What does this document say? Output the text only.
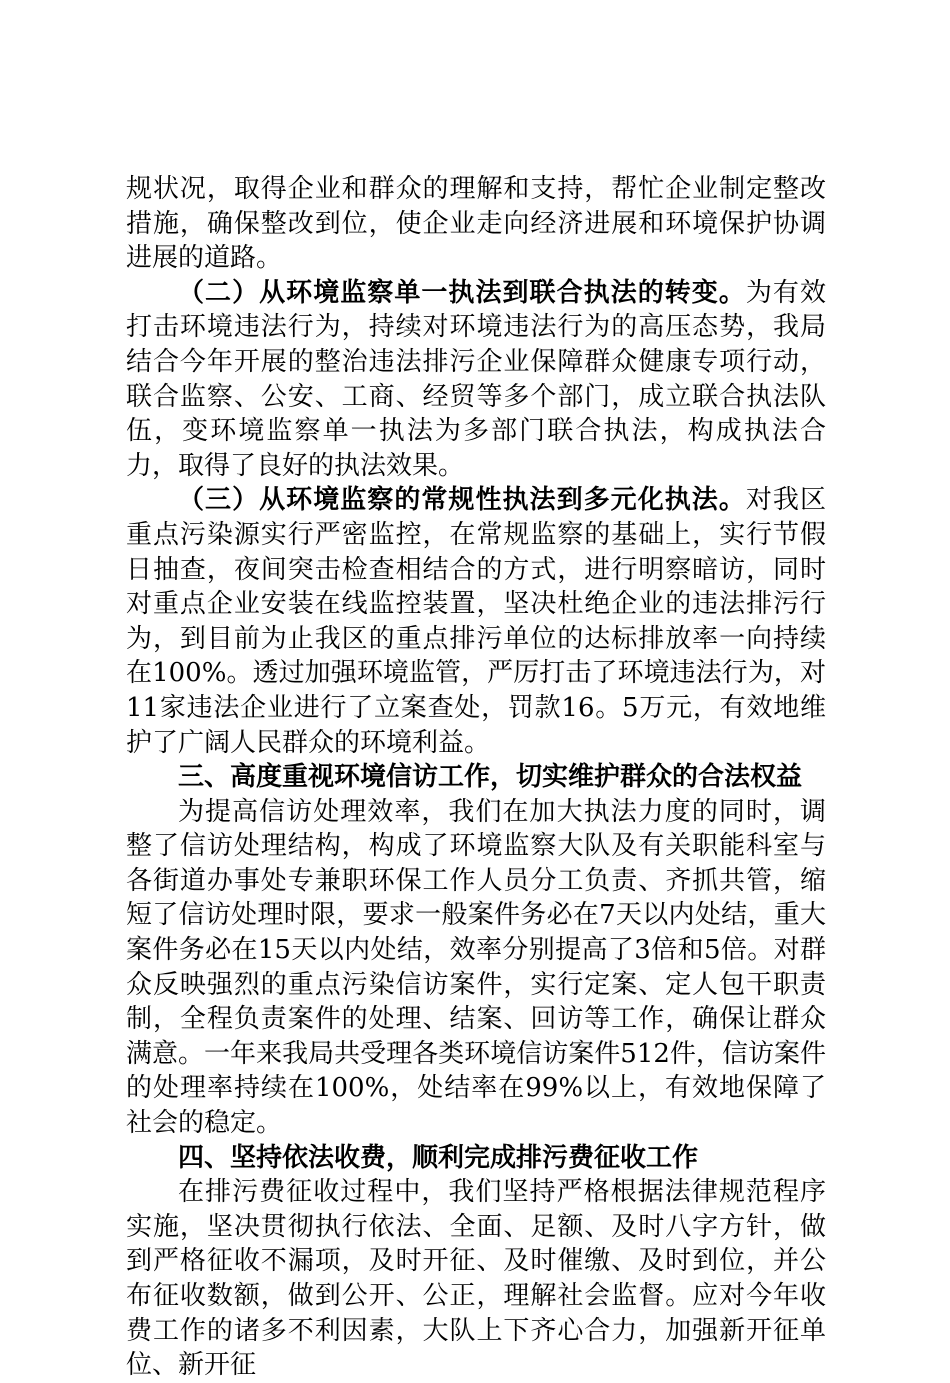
规状况，取得企业和群众的理解和支持，帮忙企业制定整改措施，确保整改到位，使企业走向经济进展和环境保护协调进展的道路。

（二）从环境监察单一执法到联合执法的转变。为有效打击环境违法行为，持续对环境违法行为的高压态势，我局结合今年开展的整治违法排污企业保障群众健康专项行动，联合监察、公安、工商、经贸等多个部门，成立联合执法队伍，变环境监察单一执法为多部门联合执法，构成执法合力，取得了良好的执法效果。

（三）从环境监察的常规性执法到多元化执法。对我区重点污染源实行严密监控，在常规监察的基础上，实行节假日抽查，夜间突击检查相结合的方式，进行明察暗访，同时对重点企业安装在线监控装置，坚决杜绝企业的违法排污行为，到目前为止我区的重点排污单位的达标排放率一向持续在100%。透过加强环境监管，严厉打击了环境违法行为，对11家违法企业进行了立案查处，罚款16。5万元，有效地维护了广阔人民群众的环境利益。

三、高度重视环境信访工作，切实维护群众的合法权益

为提高信访处理效率，我们在加大执法力度的同时，调整了信访处理结构，构成了环境监察大队及有关职能科室与各街道办事处专兼职环保工作人员分工负责、齐抓共管，缩短了信访处理时限，要求一般案件务必在7天以内处结，重大案件务必在15天以内处结，效率分别提高了3倍和5倍。对群众反映强烈的重点污染信访案件，实行定案、定人包干职责制，全程负责案件的处理、结案、回访等工作，确保让群众满意。一年来我局共受理各类环境信访案件512件，信访案件的处理率持续在100%，处结率在99%以上，有效地保障了社会的稳定。

四、坚持依法收费，顺利完成排污费征收工作

在排污费征收过程中，我们坚持严格根据法律规范程序实施，坚决贯彻执行依法、全面、足额、及时八字方针，做到严格征收不漏项，及时开征、及时催缴、及时到位，并公布征收数额，做到公开、公正，理解社会监督。应对今年收费工作的诸多不利因素，大队上下齐心合力，加强新开征单位、新开征
